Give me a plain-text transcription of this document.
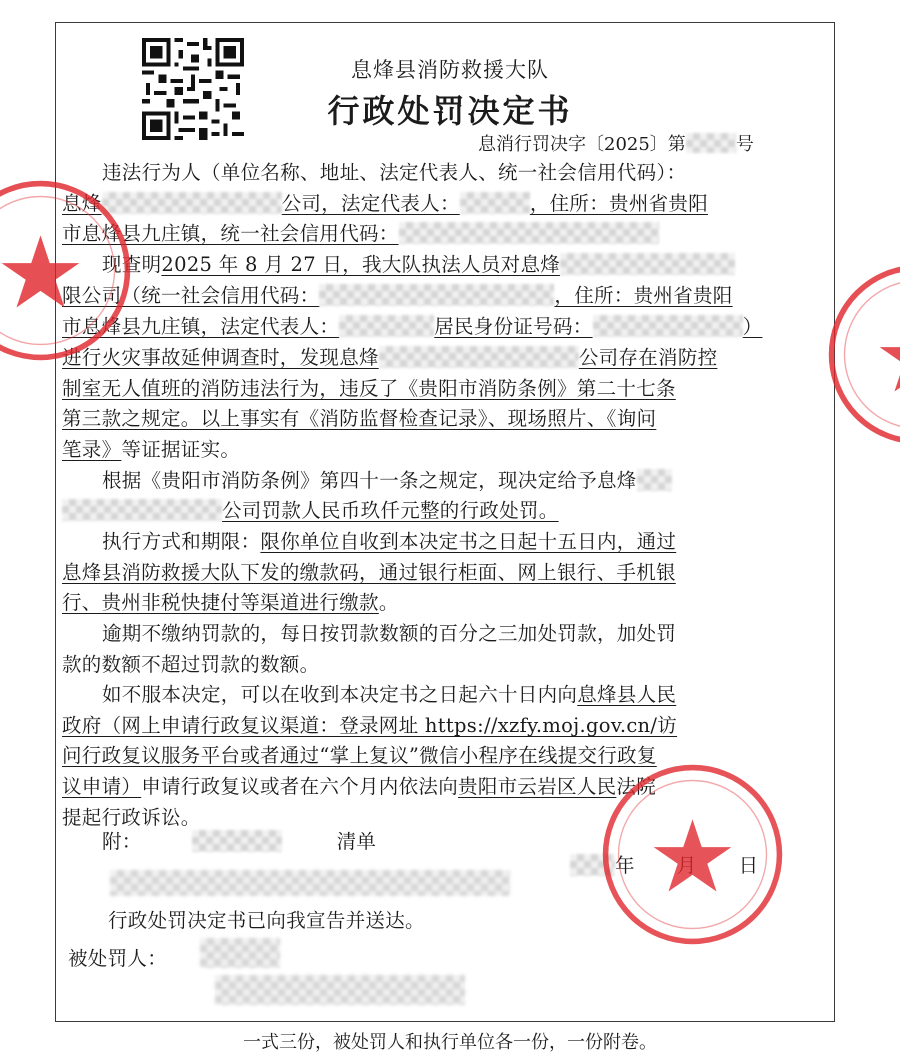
息烽县消防救援大队
行政处罚决定书
息消行罚决字〔2025〕第	号
违法行为人（单位名称、地址、法定代表人、统一社会信用代码）：
息烽	公司，法定代表人：	，住所：贵州省贵阳
市息烽县九庄镇，统一社会信用代码：
现查明2025 年 8 月 27 日，我大队执法人员对息烽
限公司（统一社会信用代码：	，住所：贵州省贵阳
市息烽县九庄镇，法定代表人：	居民身份证号码：	）
进行火灾事故延伸调查时，发现息烽	公司存在消防控
制室无人值班的消防违法行为，违反了《贵阳市消防条例》第二十七条
第三款之规定。以上事实有《消防监督检查记录》、现场照片、《询问
笔录》等证据证实。
根据《贵阳市消防条例》第四十一条之规定，现决定给予息烽
公司罚款人民币玖仟元整的行政处罚。
执行方式和期限：限你单位自收到本决定书之日起十五日内，通过
息烽县消防救援大队下发的缴款码，通过银行柜面、网上银行、手机银
行、贵州非税快捷付等渠道进行缴款。
逾期不缴纳罚款的，每日按罚款数额的百分之三加处罚款，加处罚
款的数额不超过罚款的数额。
如不服本决定，可以在收到本决定书之日起六十日内向息烽县人民
政府（网上申请行政复议渠道：登录网址 https://xzfy.moj.gov.cn/访
问行政复议服务平台或者通过“掌上复议”微信小程序在线提交行政复
议申请）申请行政复议或者在六个月内依法向贵阳市云岩区人民法院
提起行政诉讼。
附：	清单
年	日
行政处罚决定书已向我宣告并送达。
被处罚人：
一式三份，被处罚人和执行单位各一份，一份附卷。
